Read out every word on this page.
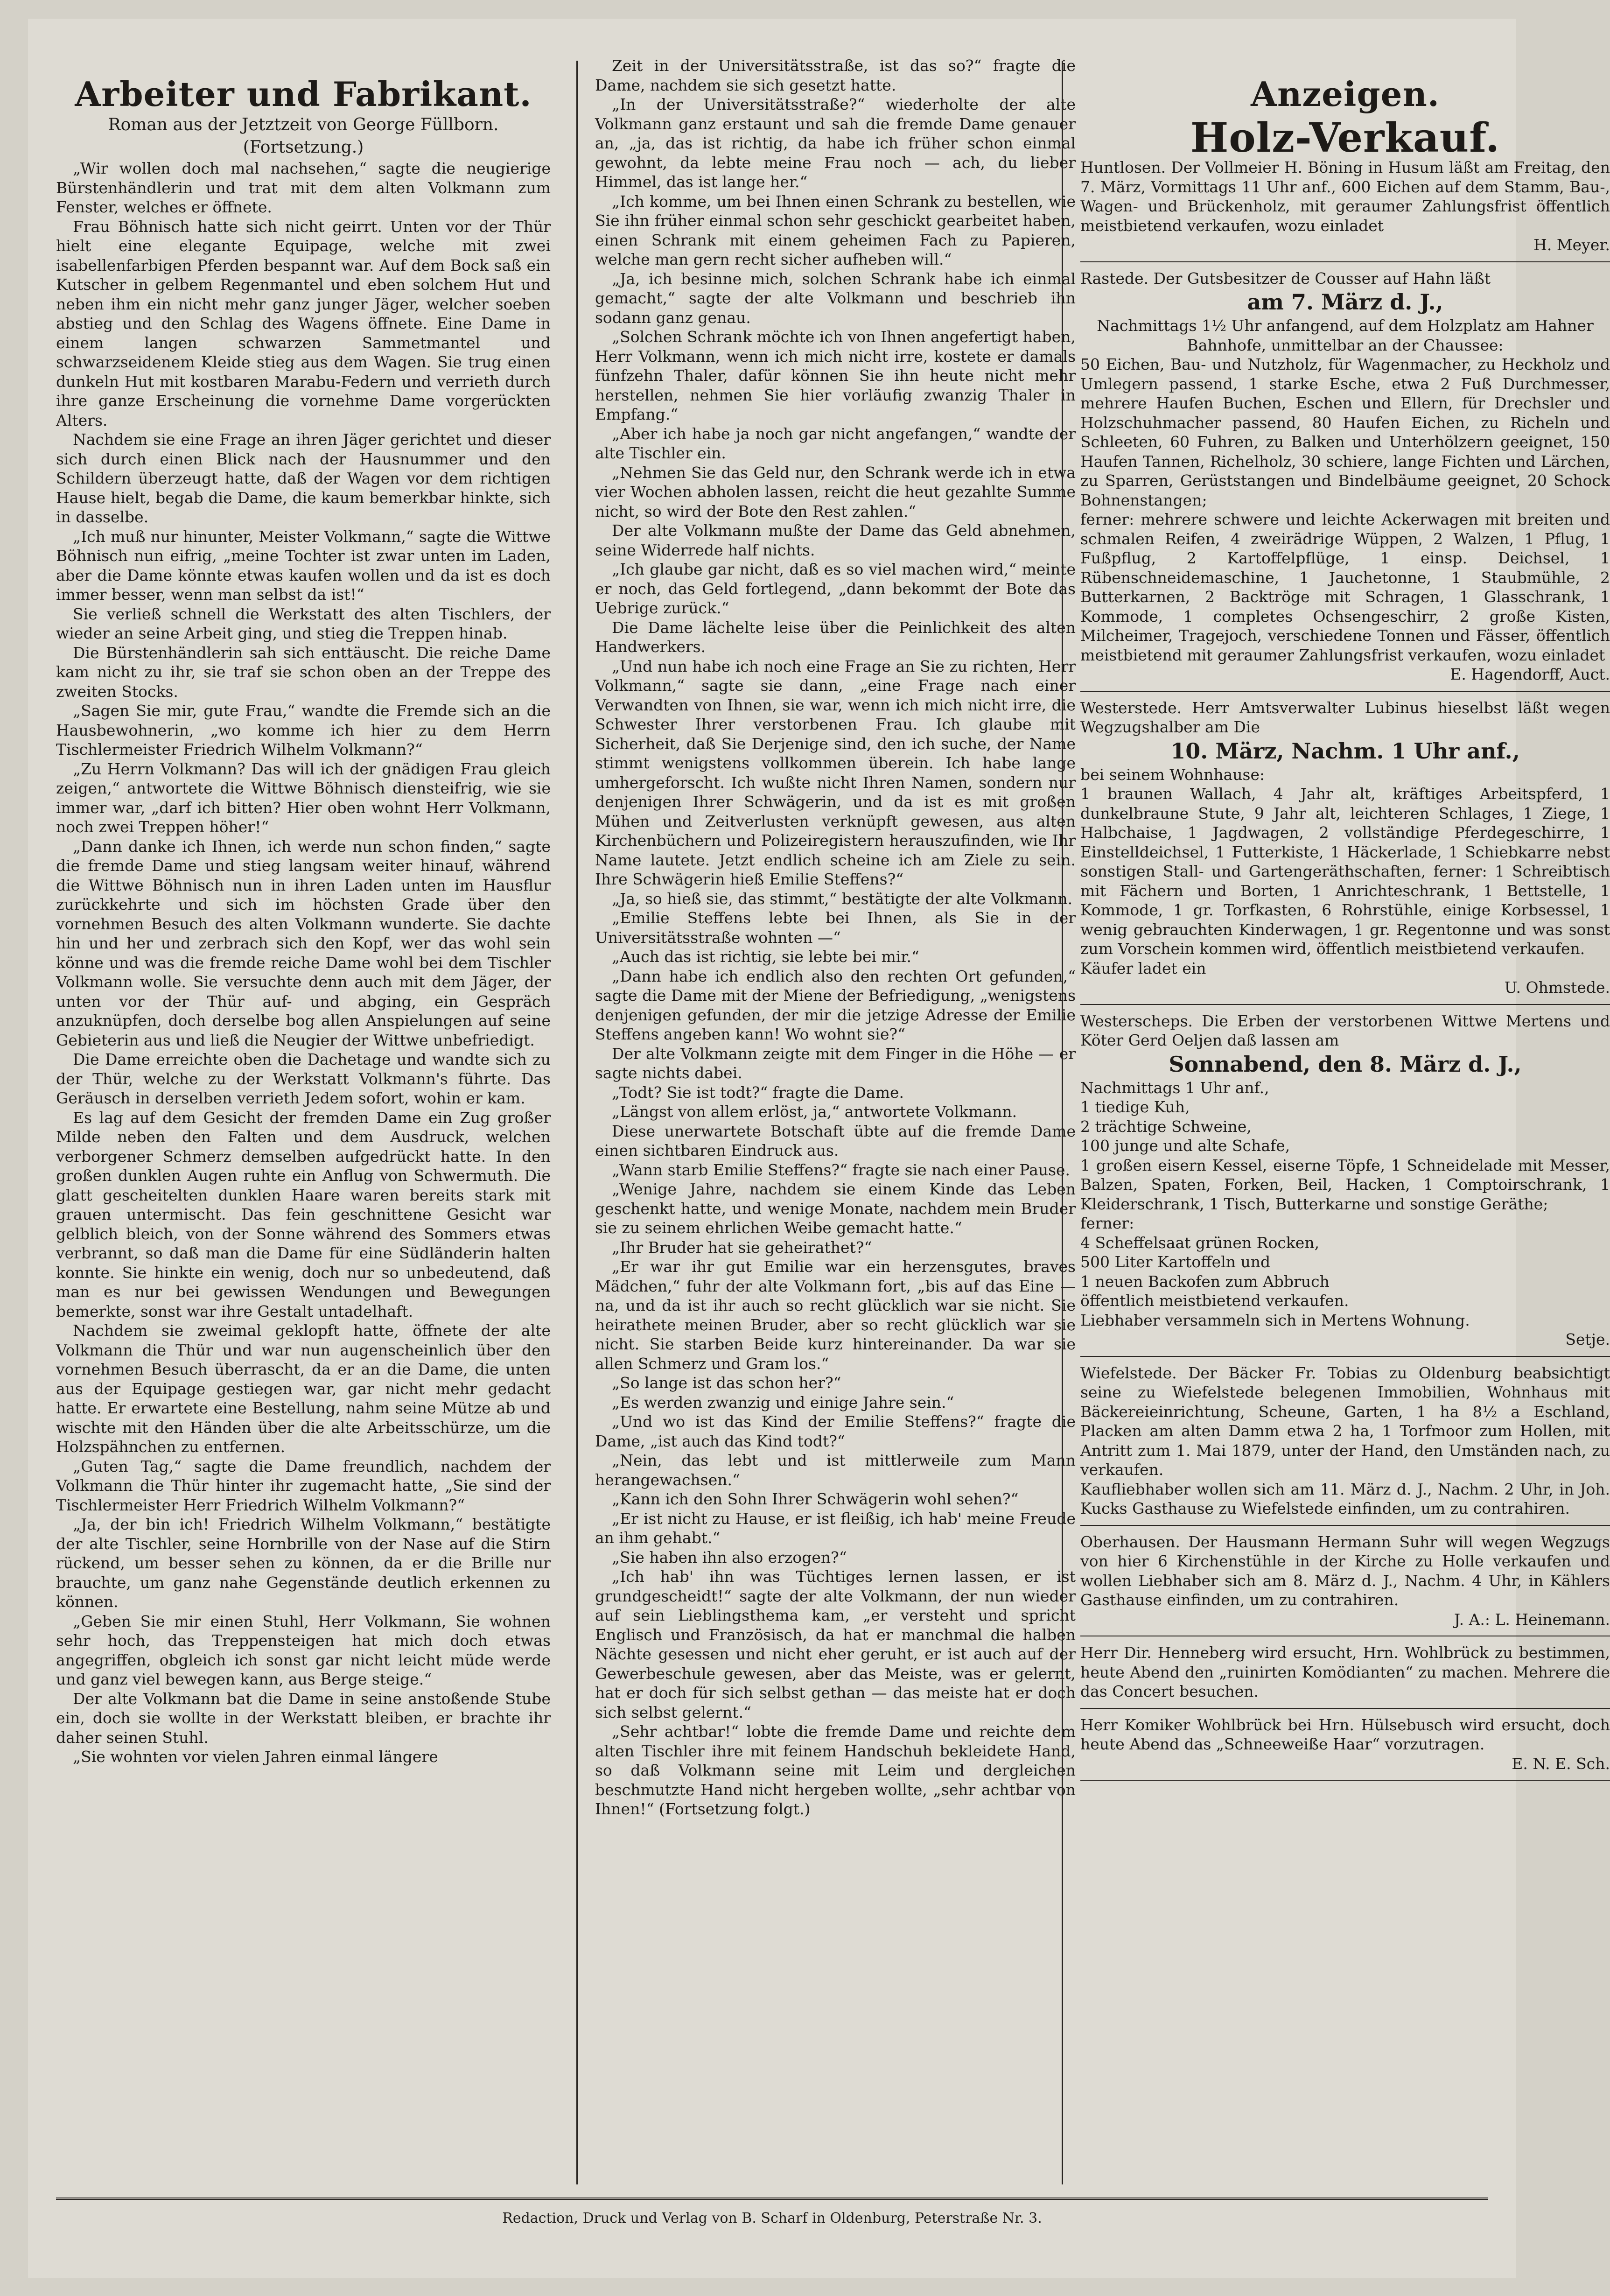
Arbeiter und Fabrikant.
Roman aus der Jetztzeit von George Füllborn.
(Fortsetzung.)

„Wir wollen doch mal nachsehen,“ sagte die neugierige Bürstenhändlerin und trat mit dem alten Volkmann zum Fenster, welches er öffnete.

Frau Böhnisch hatte sich nicht geirrt. Unten vor der Thür hielt eine elegante Equipage, welche mit zwei isabellenfarbigen Pferden bespannt war. Auf dem Bock saß ein Kutscher in gelbem Regenmantel und eben solchem Hut und neben ihm ein nicht mehr ganz junger Jäger, welcher soeben abstieg und den Schlag des Wagens öffnete. Eine Dame in einem langen schwarzen Sammetmantel und schwarzseidenem Kleide stieg aus dem Wagen. Sie trug einen dunkeln Hut mit kostbaren Marabu-Federn und verrieth durch ihre ganze Erscheinung die vornehme Dame vorgerückten Alters.

Nachdem sie eine Frage an ihren Jäger gerichtet und dieser sich durch einen Blick nach der Hausnummer und den Schildern überzeugt hatte, daß der Wagen vor dem richtigen Hause hielt, begab die Dame, die kaum bemerkbar hinkte, sich in dasselbe.

„Ich muß nur hinunter, Meister Volkmann,“ sagte die Wittwe Böhnisch nun eifrig, „meine Tochter ist zwar unten im Laden, aber die Dame könnte etwas kaufen wollen und da ist es doch immer besser, wenn man selbst da ist!“

Sie verließ schnell die Werkstatt des alten Tischlers, der wieder an seine Arbeit ging, und stieg die Treppen hinab.

Die Bürstenhändlerin sah sich enttäuscht. Die reiche Dame kam nicht zu ihr, sie traf sie schon oben an der Treppe des zweiten Stocks.

„Sagen Sie mir, gute Frau,“ wandte die Fremde sich an die Hausbewohnerin, „wo komme ich hier zu dem Herrn Tischlermeister Friedrich Wilhelm Volkmann?“

„Zu Herrn Volkmann? Das will ich der gnädigen Frau gleich zeigen,“ antwortete die Wittwe Böhnisch diensteifrig, wie sie immer war, „darf ich bitten? Hier oben wohnt Herr Volkmann, noch zwei Treppen höher!“

„Dann danke ich Ihnen, ich werde nun schon finden,“ sagte die fremde Dame und stieg langsam weiter hinauf, während die Wittwe Böhnisch nun in ihren Laden unten im Hausflur zurückkehrte und sich im höchsten Grade über den vornehmen Besuch des alten Volkmann wunderte. Sie dachte hin und her und zerbrach sich den Kopf, wer das wohl sein könne und was die fremde reiche Dame wohl bei dem Tischler Volkmann wolle. Sie versuchte denn auch mit dem Jäger, der unten vor der Thür auf- und abging, ein Gespräch anzuknüpfen, doch derselbe bog allen Anspielungen auf seine Gebieterin aus und ließ die Neugier der Wittwe unbefriedigt.

Die Dame erreichte oben die Dachetage und wandte sich zu der Thür, welche zu der Werkstatt Volkmann's führte. Das Geräusch in derselben verrieth Jedem sofort, wohin er kam.

Es lag auf dem Gesicht der fremden Dame ein Zug großer Milde neben den Falten und dem Ausdruck, welchen verborgener Schmerz demselben aufgedrückt hatte. In den großen dunklen Augen ruhte ein Anflug von Schwermuth. Die glatt gescheitelten dunklen Haare waren bereits stark mit grauen untermischt. Das fein geschnittene Gesicht war gelblich bleich, von der Sonne während des Sommers etwas verbrannt, so daß man die Dame für eine Südländerin halten konnte. Sie hinkte ein wenig, doch nur so unbedeutend, daß man es nur bei gewissen Wendungen und Bewegungen bemerkte, sonst war ihre Gestalt untadelhaft.

Nachdem sie zweimal geklopft hatte, öffnete der alte Volkmann die Thür und war nun augenscheinlich über den vornehmen Besuch überrascht, da er an die Dame, die unten aus der Equipage gestiegen war, gar nicht mehr gedacht hatte. Er erwartete eine Bestellung, nahm seine Mütze ab und wischte mit den Händen über die alte Arbeitsschürze, um die Holzspähnchen zu entfernen.

„Guten Tag,“ sagte die Dame freundlich, nachdem der Volkmann die Thür hinter ihr zugemacht hatte, „Sie sind der Tischlermeister Herr Friedrich Wilhelm Volkmann?“

„Ja, der bin ich! Friedrich Wilhelm Volkmann,“ bestätigte der alte Tischler, seine Hornbrille von der Nase auf die Stirn rückend, um besser sehen zu können, da er die Brille nur brauchte, um ganz nahe Gegenstände deutlich erkennen zu können.

„Geben Sie mir einen Stuhl, Herr Volkmann, Sie wohnen sehr hoch, das Treppensteigen hat mich doch etwas angegriffen, obgleich ich sonst gar nicht leicht müde werde und ganz viel bewegen kann, aus Berge steige.“

Der alte Volkmann bat die Dame in seine anstoßende Stube ein, doch sie wollte in der Werkstatt bleiben, er brachte ihr daher seinen Stuhl.

„Sie wohnten vor vielen Jahren einmal längere

Zeit in der Universitätsstraße, ist das so?“ fragte die Dame, nachdem sie sich gesetzt hatte.

„In der Universitätsstraße?“ wiederholte der alte Volkmann ganz erstaunt und sah die fremde Dame genauer an, „ja, das ist richtig, da habe ich früher schon einmal gewohnt, da lebte meine Frau noch — ach, du lieber Himmel, das ist lange her.“

„Ich komme, um bei Ihnen einen Schrank zu bestellen, wie Sie ihn früher einmal schon sehr geschickt gearbeitet haben, einen Schrank mit einem geheimen Fach zu Papieren, welche man gern recht sicher aufheben will.“

„Ja, ich besinne mich, solchen Schrank habe ich einmal gemacht,“ sagte der alte Volkmann und beschrieb ihn sodann ganz genau.

„Solchen Schrank möchte ich von Ihnen angefertigt haben, Herr Volkmann, wenn ich mich nicht irre, kostete er damals fünfzehn Thaler, dafür können Sie ihn heute nicht mehr herstellen, nehmen Sie hier vorläufig zwanzig Thaler in Empfang.“

„Aber ich habe ja noch gar nicht angefangen,“ wandte der alte Tischler ein.

„Nehmen Sie das Geld nur, den Schrank werde ich in etwa vier Wochen abholen lassen, reicht die heut gezahlte Summe nicht, so wird der Bote den Rest zahlen.“

Der alte Volkmann mußte der Dame das Geld abnehmen, seine Widerrede half nichts.

„Ich glaube gar nicht, daß es so viel machen wird,“ meinte er noch, das Geld fortlegend, „dann bekommt der Bote das Uebrige zurück.“

Die Dame lächelte leise über die Peinlichkeit des alten Handwerkers.

„Und nun habe ich noch eine Frage an Sie zu richten, Herr Volkmann,“ sagte sie dann, „eine Frage nach einer Verwandten von Ihnen, sie war, wenn ich mich nicht irre, die Schwester Ihrer verstorbenen Frau. Ich glaube mit Sicherheit, daß Sie Derjenige sind, den ich suche, der Name stimmt wenigstens vollkommen überein. Ich habe lange umhergeforscht. Ich wußte nicht Ihren Namen, sondern nur denjenigen Ihrer Schwägerin, und da ist es mit großen Mühen und Zeitverlusten verknüpft gewesen, aus alten Kirchenbüchern und Polizeiregistern herauszufinden, wie Ihr Name lautete. Jetzt endlich scheine ich am Ziele zu sein. Ihre Schwägerin hieß Emilie Steffens?“

„Ja, so hieß sie, das stimmt,“ bestätigte der alte Volkmann.

„Emilie Steffens lebte bei Ihnen, als Sie in der Universitätsstraße wohnten —“

„Auch das ist richtig, sie lebte bei mir.“

„Dann habe ich endlich also den rechten Ort gefunden,“ sagte die Dame mit der Miene der Befriedigung, „wenigstens denjenigen gefunden, der mir die jetzige Adresse der Emilie Steffens angeben kann! Wo wohnt sie?“

Der alte Volkmann zeigte mit dem Finger in die Höhe — er sagte nichts dabei.

„Todt? Sie ist todt?“ fragte die Dame.

„Längst von allem erlöst, ja,“ antwortete Volkmann.

Diese unerwartete Botschaft übte auf die fremde Dame einen sichtbaren Eindruck aus.

„Wann starb Emilie Steffens?“ fragte sie nach einer Pause.

„Wenige Jahre, nachdem sie einem Kinde das Leben geschenkt hatte, und wenige Monate, nachdem mein Bruder sie zu seinem ehrlichen Weibe gemacht hatte.“

„Ihr Bruder hat sie geheirathet?“

„Er war ihr gut Emilie war ein herzensgutes, braves Mädchen,“ fuhr der alte Volkmann fort, „bis auf das Eine — na, und da ist ihr auch so recht glücklich war sie nicht. Sie heirathete meinen Bruder, aber so recht glücklich war sie nicht. Sie starben Beide kurz hintereinander. Da war sie allen Schmerz und Gram los.“

„So lange ist das schon her?“

„Es werden zwanzig und einige Jahre sein.“

„Und wo ist das Kind der Emilie Steffens?“ fragte die Dame, „ist auch das Kind todt?“

„Nein, das lebt und ist mittlerweile zum Mann herangewachsen.“

„Kann ich den Sohn Ihrer Schwägerin wohl sehen?“

„Er ist nicht zu Hause, er ist fleißig, ich hab' meine Freude an ihm gehabt.“

„Sie haben ihn also erzogen?“

„Ich hab' ihn was Tüchtiges lernen lassen, er ist grundgescheidt!“ sagte der alte Volkmann, der nun wieder auf sein Lieblingsthema kam, „er versteht und spricht Englisch und Französisch, da hat er manchmal die halben Nächte gesessen und nicht eher geruht, er ist auch auf der Gewerbeschule gewesen, aber das Meiste, was er gelernt, hat er doch für sich selbst gethan — das meiste hat er doch sich selbst gelernt.“

„Sehr achtbar!“ lobte die fremde Dame und reichte dem alten Tischler ihre mit feinem Handschuh bekleidete Hand, so daß Volkmann seine mit Leim und dergleichen beschmutzte Hand nicht hergeben wollte, „sehr achtbar von Ihnen!“ (Fortsetzung folgt.)

Anzeigen.
Holz-Verkauf.

Huntlosen. Der Vollmeier H. Böning in Husum läßt am Freitag, den 7. März, Vormittags 11 Uhr anf., 600 Eichen auf dem Stamm, Bau-, Wagen- und Brückenholz, mit geraumer Zahlungsfrist öffentlich meistbietend verkaufen, wozu einladet

H. Meyer.

Rastede. Der Gutsbesitzer de Cousser auf Hahn läßt

am 7. März d. J.,

Nachmittags 1½ Uhr anfangend, auf dem Holzplatz am Hahner Bahnhofe, unmittelbar an der Chaussee:

50 Eichen, Bau- und Nutzholz, für Wagenmacher, zu Heckholz und Umlegern passend, 1 starke Esche, etwa 2 Fuß Durchmesser, mehrere Haufen Buchen, Eschen und Ellern, für Drechsler und Holzschuhmacher passend, 80 Haufen Eichen, zu Richeln und Schleeten, 60 Fuhren, zu Balken und Unterhölzern geeignet, 150 Haufen Tannen, Richelholz, 30 schiere, lange Fichten und Lärchen, zu Sparren, Gerüststangen und Bindelbäume geeignet, 20 Schock Bohnenstangen;

ferner: mehrere schwere und leichte Ackerwagen mit breiten und schmalen Reifen, 4 zweirädrige Wüppen, 2 Walzen, 1 Pflug, 1 Fußpflug, 2 Kartoffelpflüge, 1 einsp. Deichsel, 1 Rübenschneidemaschine, 1 Jauchetonne, 1 Staubmühle, 2 Butterkarnen, 2 Backtröge mit Schragen, 1 Glasschrank, 1 Kommode, 1 completes Ochsengeschirr, 2 große Kisten, Milcheimer, Tragejoch, verschiedene Tonnen und Fässer, öffentlich meistbietend mit geraumer Zahlungsfrist verkaufen, wozu einladet

E. Hagendorff, Auct.

Westerstede. Herr Amtsverwalter Lubinus hieselbst läßt wegen Wegzugshalber am Die

10. März, Nachm. 1 Uhr anf.,

bei seinem Wohnhause:

1 braunen Wallach, 4 Jahr alt, kräftiges Arbeitspferd, 1 dunkelbraune Stute, 9 Jahr alt, leichteren Schlages, 1 Ziege, 1 Halbchaise, 1 Jagdwagen, 2 vollständige Pferdegeschirre, 1 Einstelldeichsel, 1 Futterkiste, 1 Häckerlade, 1 Schiebkarre nebst sonstigen Stall- und Gartengeräthschaften, ferner: 1 Schreibtisch mit Fächern und Borten, 1 Anrichteschrank, 1 Bettstelle, 1 Kommode, 1 gr. Torfkasten, 6 Rohrstühle, einige Korbsessel, 1 wenig gebrauchten Kinderwagen, 1 gr. Regentonne und was sonst zum Vorschein kommen wird, öffentlich meistbietend verkaufen.

Käufer ladet ein

U. Ohmstede.

Westerscheps. Die Erben der verstorbenen Wittwe Mertens und Köter Gerd Oeljen daß lassen am

Sonnabend, den 8. März d. J.,

Nachmittags 1 Uhr anf.,

1 tiedige Kuh,

2 trächtige Schweine,

100 junge und alte Schafe,

1 großen eisern Kessel, eiserne Töpfe, 1 Schneidelade mit Messer, Balzen, Spaten, Forken, Beil, Hacken, 1 Comptoirschrank, 1 Kleiderschrank, 1 Tisch, Butterkarne und sonstige Geräthe;

ferner:

4 Scheffelsaat grünen Rocken,

500 Liter Kartoffeln und

1 neuen Backofen zum Abbruch

öffentlich meistbietend verkaufen.

Liebhaber versammeln sich in Mertens Wohnung.

Setje.

Wiefelstede. Der Bäcker Fr. Tobias zu Oldenburg beabsichtigt seine zu Wiefelstede belegenen Immobilien, Wohnhaus mit Bäckereieinrichtung, Scheune, Garten, 1 ha 8½ a Eschland, Placken am alten Damm etwa 2 ha, 1 Torfmoor zum Hollen, mit Antritt zum 1. Mai 1879, unter der Hand, den Umständen nach, zu verkaufen.

Kaufliebhaber wollen sich am 11. März d. J., Nachm. 2 Uhr, in Joh. Kucks Gasthause zu Wiefelstede einfinden, um zu contrahiren.

Oberhausen. Der Hausmann Hermann Suhr will wegen Wegzugs von hier 6 Kirchenstühle in der Kirche zu Holle verkaufen und wollen Liebhaber sich am 8. März d. J., Nachm. 4 Uhr, in Kählers Gasthause einfinden, um zu contrahiren.

J. A.: L. Heinemann.

Herr Dir. Henneberg wird ersucht, Hrn. Wohlbrück zu bestimmen, heute Abend den „ruinirten Komödianten“ zu machen. Mehrere die das Concert besuchen.

Herr Komiker Wohlbrück bei Hrn. Hülsebusch wird ersucht, doch heute Abend das „Schneeweiße Haar“ vorzutragen.

E. N. E. Sch.

Redaction, Druck und Verlag von B. Scharf in Oldenburg, Peterstraße Nr. 3.
